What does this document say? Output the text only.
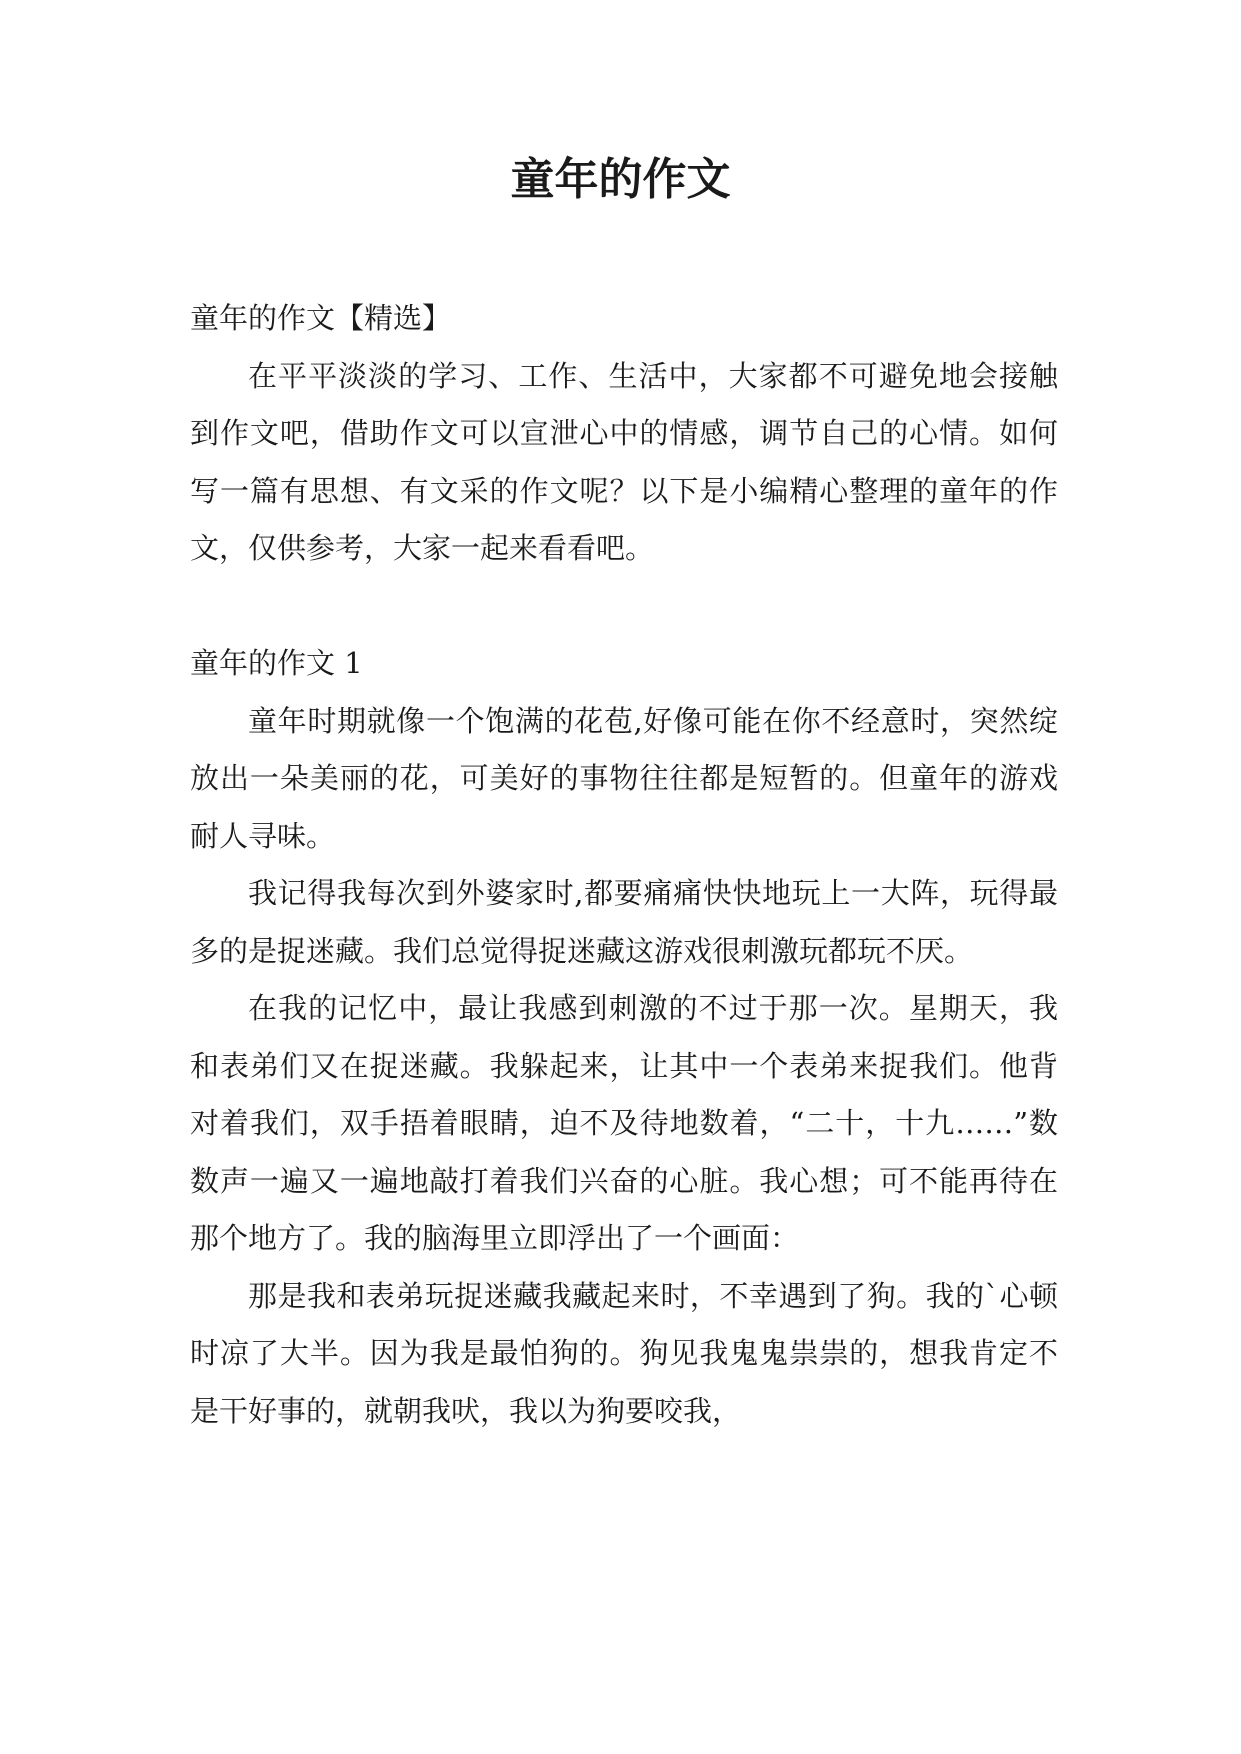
童年的作文

童年的作文【精选】

在平平淡淡的学习、工作、生活中，大家都不可避免地会接触到作文吧，借助作文可以宣泄心中的情感，调节自己的心情。如何写一篇有思想、有文采的作文呢？以下是小编精心整理的童年的作文，仅供参考，大家一起来看看吧。

童年的作文 1

童年时期就像一个饱满的花苞,好像可能在你不经意时，突然绽放出一朵美丽的花，可美好的事物往往都是短暂的。但童年的游戏耐人寻味。

我记得我每次到外婆家时,都要痛痛快快地玩上一大阵，玩得最多的是捉迷藏。我们总觉得捉迷藏这游戏很刺激玩都玩不厌。

在我的记忆中，最让我感到刺激的不过于那一次。星期天，我和表弟们又在捉迷藏。我躲起来，让其中一个表弟来捉我们。他背对着我们，双手捂着眼睛，迫不及待地数着，“二十，十九……”数数声一遍又一遍地敲打着我们兴奋的心脏。我心想；可不能再待在那个地方了。我的脑海里立即浮出了一个画面：

那是我和表弟玩捉迷藏我藏起来时，不幸遇到了狗。我的`心顿时凉了大半。因为我是最怕狗的。狗见我鬼鬼祟祟的，想我肯定不是干好事的，就朝我吠，我以为狗要咬我，
